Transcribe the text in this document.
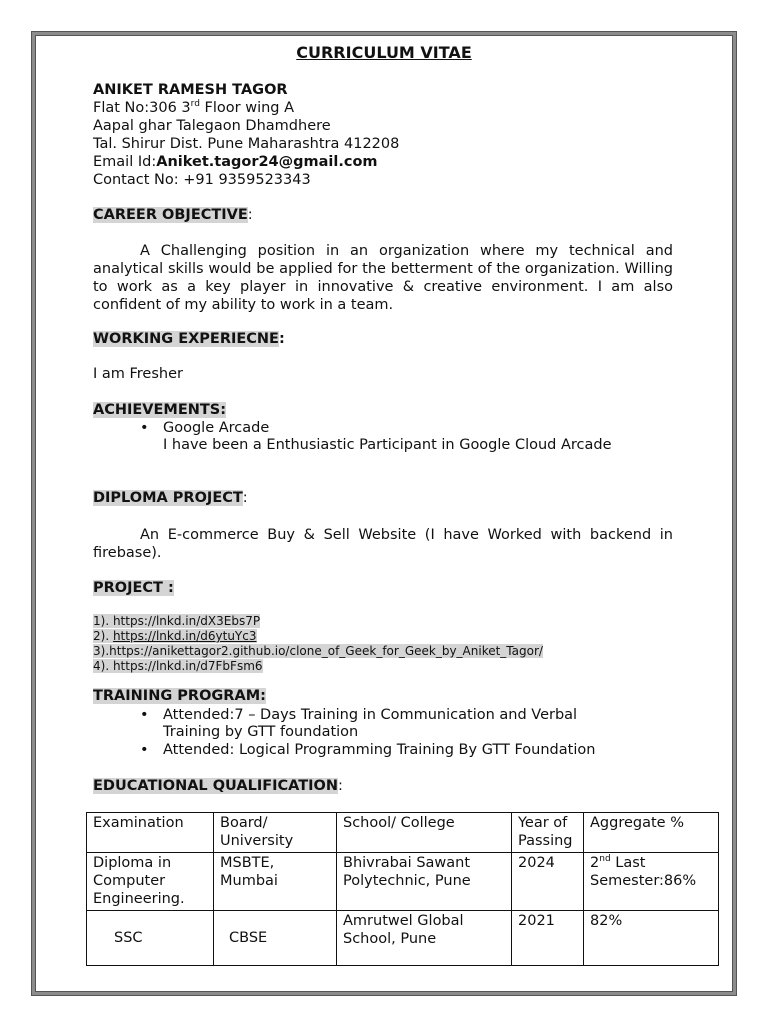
CURRICULUM VITAE
ANIKET RAMESH TAGOR
Flat No:306 3rd Floor wing A
Aapal ghar Talegaon Dhamdhere
Tal. Shirur Dist. Pune Maharashtra 412208
Email Id:Aniket.tagor24@gmail.com
Contact No: +91 9359523343
CAREER OBJECTIVE:
A Challenging position in an organization where my technical and analytical skills would be applied for the betterment of the organization. Willing to work as a key player in innovative & creative environment. I am also confident of my ability to work in a team.
WORKING EXPERIECNE:
I am Fresher
ACHIEVEMENTS:
• Google Arcade
I have been a Enthusiastic Participant in Google Cloud Arcade
DIPLOMA PROJECT:
An E-commerce Buy & Sell Website (I have Worked with backend in firebase).
PROJECT :
1). https://lnkd.in/dX3Ebs7P
2). https://lnkd.in/d6ytuYc3
3).https://anikettagor2.github.io/clone_of_Geek_for_Geek_by_Aniket_Tagor/
4). https://lnkd.in/d7FbFsm6
TRAINING PROGRAM:
• Attended:7 – Days Training in Communication and Verbal
Training by GTT foundation
• Attended: Logical Programming Training By GTT Foundation
EDUCATIONAL QUALIFICATION:
Examination	Board/ University	School/ College	Year of Passing	Aggregate %
Diploma in Computer Engineering.	MSBTE, Mumbai	Bhivrabai Sawant Polytechnic, Pune	2024	2nd Last Semester:86%
SSC	CBSE	Amrutwel Global School, Pune	2021	82%
